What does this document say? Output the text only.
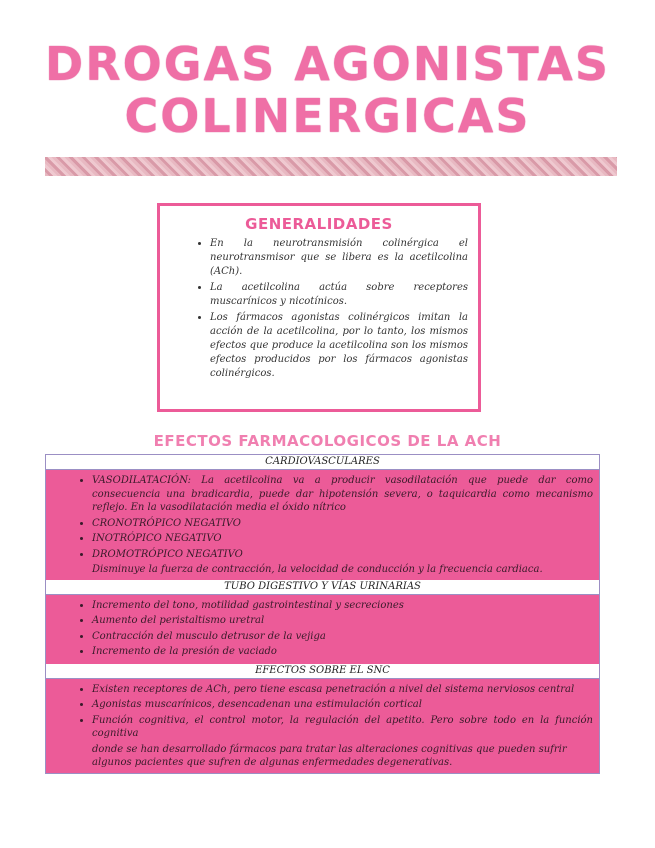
DROGAS AGONISTAS
COLINERGICAS
GENERALIDADES
• En la neurotransmisión colinérgica el neurotransmisor que se libera es la acetilcolina (ACh).
• La acetilcolina actúa sobre receptores muscarínicos y nicotínicos.
• Los fármacos agonistas colinérgicos imitan la acción de la acetilcolina, por lo tanto, los mismos efectos que produce la acetilcolina son los mismos efectos producidos por los fármacos agonistas colinérgicos.
EFECTOS FARMACOLOGICOS DE LA ACH
CARDIOVASCULARES
• VASODILATACIÓN: La acetilcolina va a producir vasodilatación que puede dar como consecuencia una bradicardia, puede dar hipotensión severa, o taquicardia como mecanismo reflejo. En la vasodilatación media el óxido nítrico
• CRONOTRÓPICO NEGATIVO
• INOTRÓPICO NEGATIVO
• DROMOTRÓPICO NEGATIVO
Disminuye la fuerza de contracción, la velocidad de conducción y la frecuencia cardiaca.
TUBO DIGESTIVO Y VÍAS URINARIAS
• Incremento del tono, motilidad gastrointestinal y secreciones
• Aumento del peristaltismo uretral
• Contracción del musculo detrusor de la vejiga
• Incremento de la presión de vaciado
EFECTOS SOBRE EL SNC
• Existen receptores de ACh, pero tiene escasa penetración a nivel del sistema nerviosos central
• Agonistas muscarínicos, desencadenan una estimulación cortical
• Función cognitiva, el control motor, la regulación del apetito. Pero sobre todo en la función cognitiva
donde se han desarrollado fármacos para tratar las alteraciones cognitivas que pueden sufrir algunos pacientes que sufren de algunas enfermedades degenerativas.
